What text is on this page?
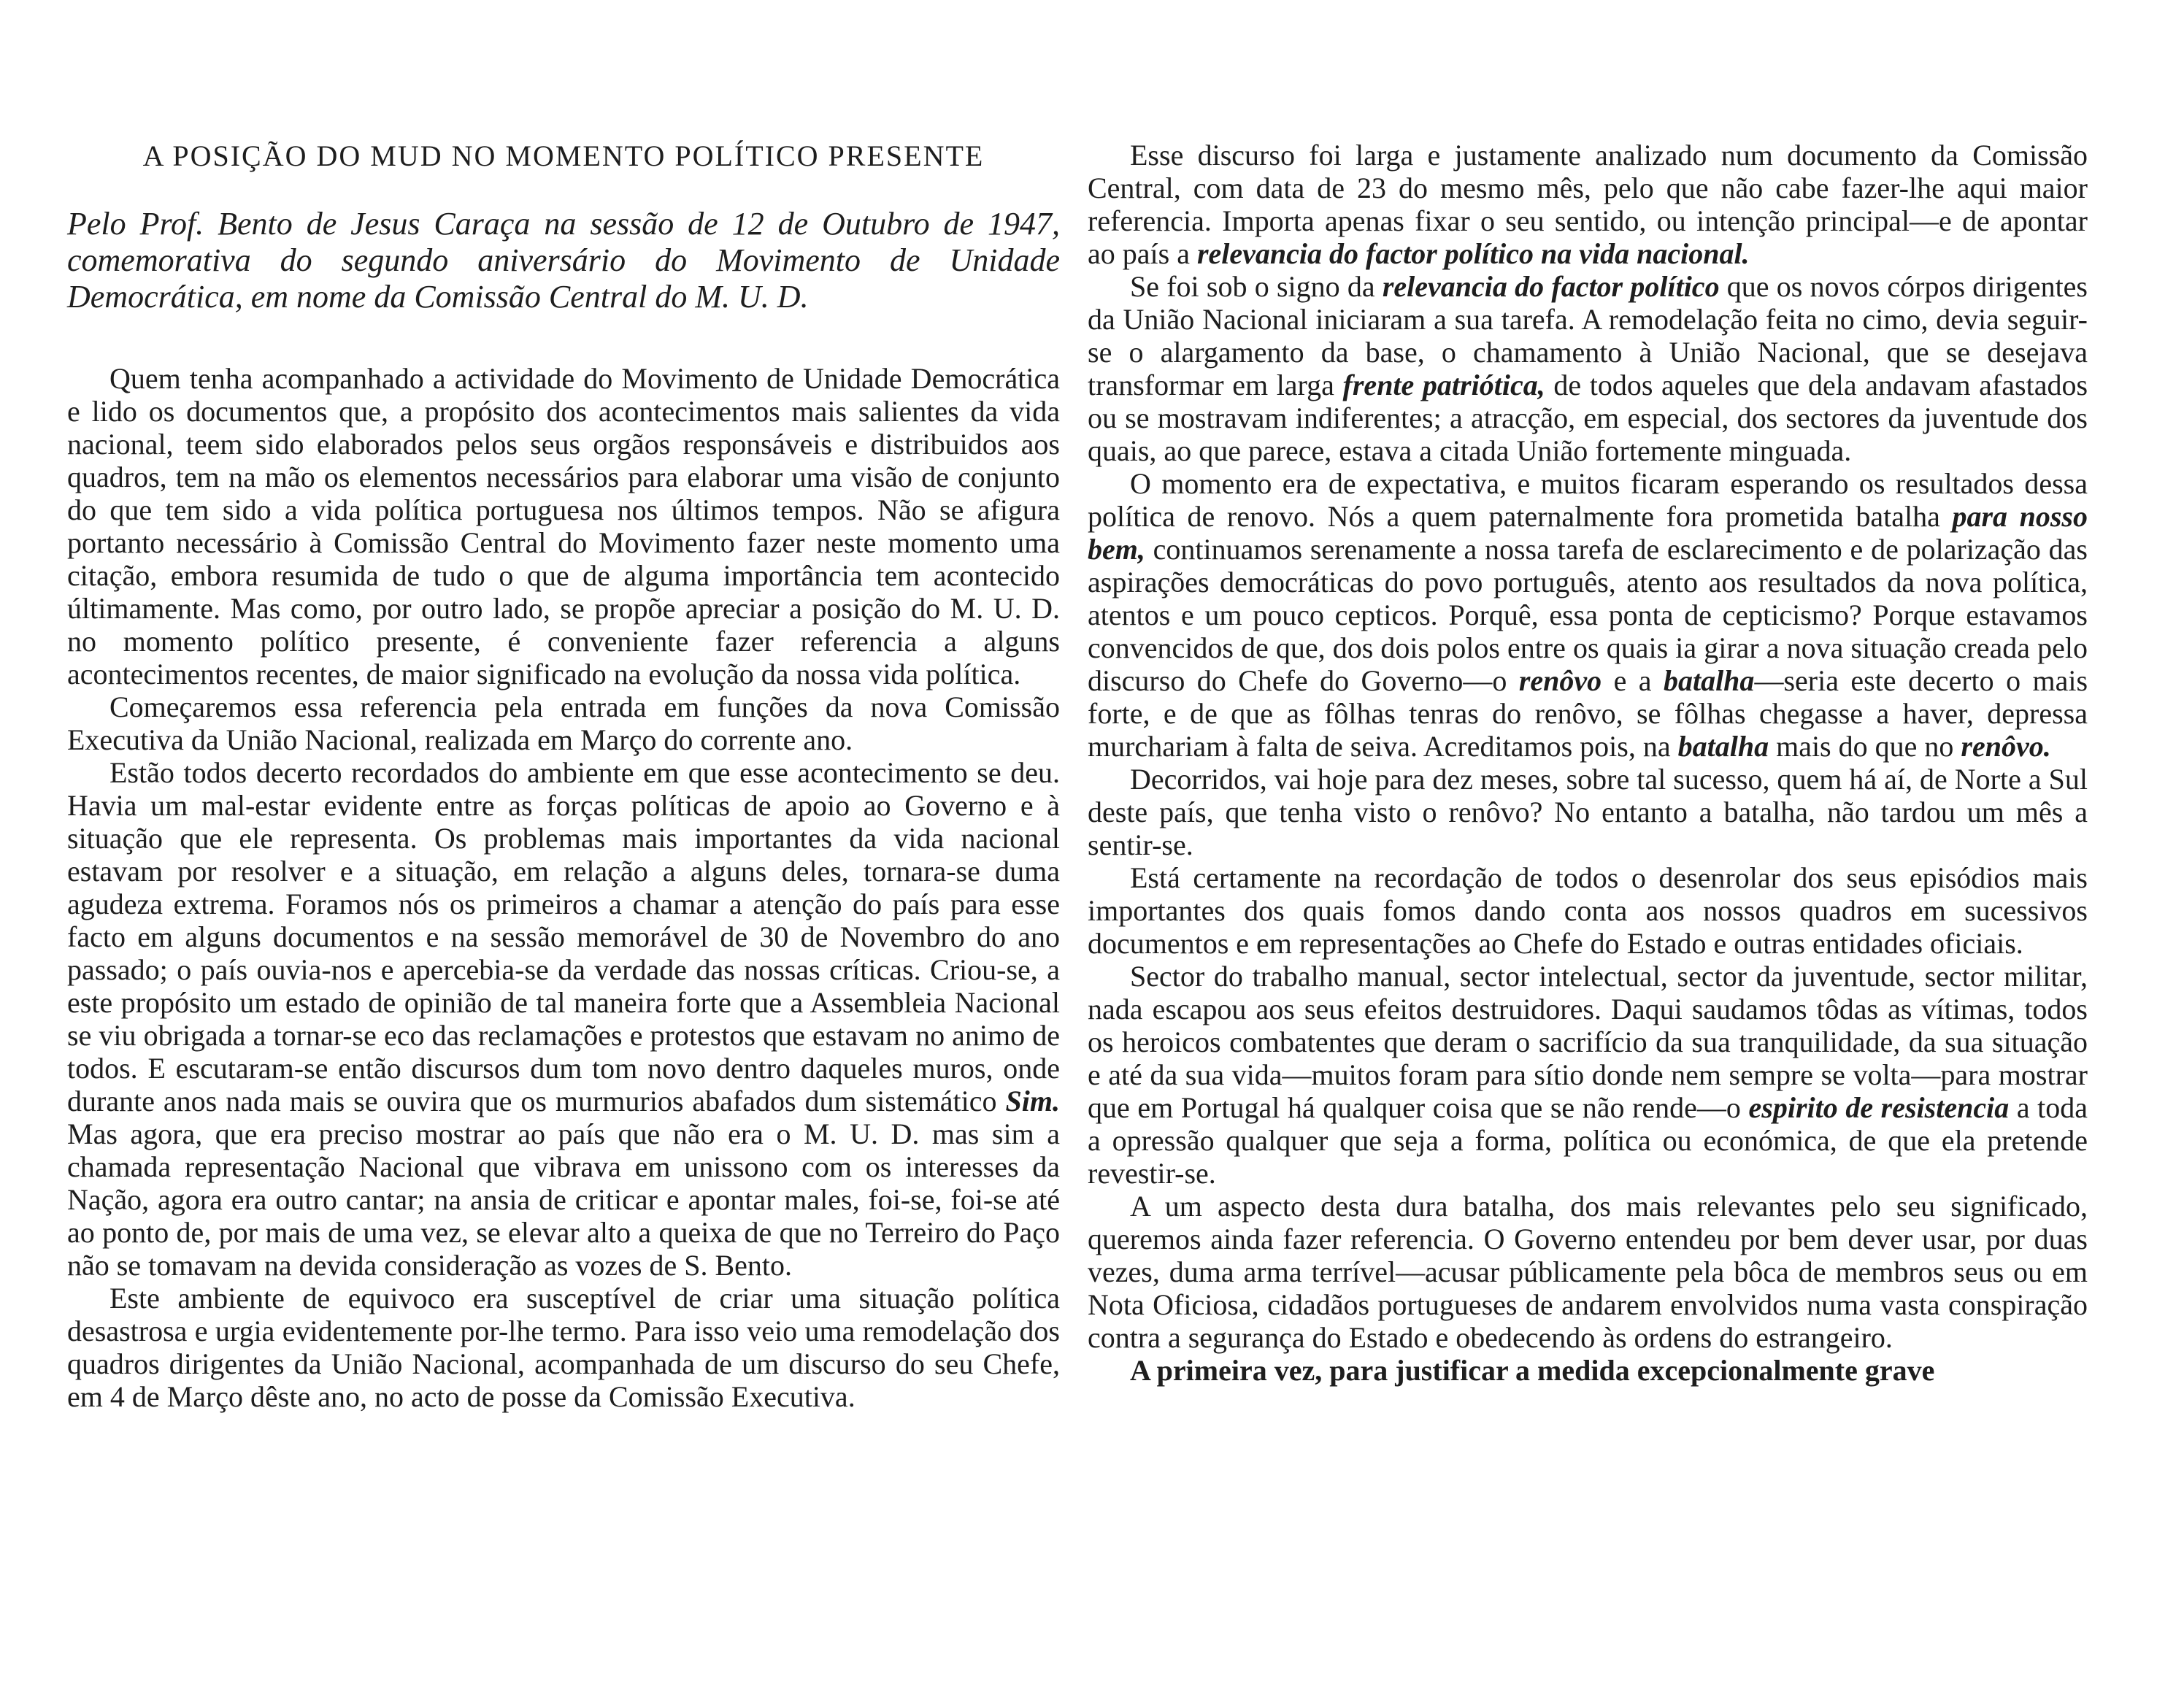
A POSIÇÃO DO MUD NO MOMENTO POLÍTICO PRESENTE
Pelo Prof. Bento de Jesus Caraça na sessão de 12 de Outubro de 1947, comemorativa do segundo aniversário do Movimento de Unidade Democrática, em nome da Comissão Central do M. U. D.

Quem tenha acompanhado a actividade do Movimento de Unidade Democrática e lido os documentos que, a propósito dos acontecimentos mais salientes da vida nacional, teem sido elaborados pelos seus orgãos responsáveis e distribuidos aos quadros, tem na mão os elementos necessários para elaborar uma visão de conjunto do que tem sido a vida política portuguesa nos últimos tempos. Não se afigura portanto necessário à Comissão Central do Movimento fazer neste momento uma citação, embora resumida de tudo o que de alguma importância tem acontecido últimamente. Mas como, por outro lado, se propõe apreciar a posição do M. U. D. no momento político presente, é conveniente fazer referencia a alguns acontecimentos recentes, de maior significado na evolução da nossa vida política.

Começaremos essa referencia pela entrada em funções da nova Comissão Executiva da União Nacional, realizada em Março do corrente ano.

Estão todos decerto recordados do ambiente em que esse acontecimento se deu. Havia um mal-estar evidente entre as forças políticas de apoio ao Governo e à situação que ele representa. Os problemas mais importantes da vida nacional estavam por resolver e a situação, em relação a alguns deles, tornara-se duma agudeza extrema. Foramos nós os primeiros a chamar a atenção do país para esse facto em alguns documentos e na sessão memorável de 30 de Novembro do ano passado; o país ouvia-nos e apercebia-se da verdade das nossas críticas. Criou-se, a este propósito um estado de opinião de tal maneira forte que a Assembleia Nacional se viu obrigada a tornar-se eco das reclamações e protestos que estavam no animo de todos. E escutaram-se então discursos dum tom novo dentro daqueles muros, onde durante anos nada mais se ouvira que os murmurios abafados dum sistemático Sim. Mas agora, que era preciso mostrar ao país que não era o M. U. D. mas sim a chamada representação Nacional que vibrava em unissono com os interesses da Nação, agora era outro cantar; na ansia de criticar e apontar males, foi-se, foi-se até ao ponto de, por mais de uma vez, se elevar alto a queixa de que no Terreiro do Paço não se tomavam na devida consideração as vozes de S. Bento.

Este ambiente de equivoco era susceptível de criar uma situação política desastrosa e urgia evidentemente por-lhe termo. Para isso veio uma remodelação dos quadros dirigentes da União Nacional, acompanhada de um discurso do seu Chefe, em 4 de Março dêste ano, no acto de posse da Comissão Executiva.

Esse discurso foi larga e justamente analizado num documento da Comissão Central, com data de 23 do mesmo mês, pelo que não cabe fazer-lhe aqui maior referencia. Importa apenas fixar o seu sentido, ou intenção principal—e de apontar ao país a relevancia do factor político na vida nacional.

Se foi sob o signo da relevancia do factor político que os novos córpos dirigentes da União Nacional iniciaram a sua tarefa. A remodelação feita no cimo, devia seguir-se o alargamento da base, o chamamento à União Nacional, que se desejava transformar em larga frente patriótica, de todos aqueles que dela andavam afastados ou se mostravam indiferentes; a atracção, em especial, dos sectores da juventude dos quais, ao que parece, estava a citada União fortemente minguada.

O momento era de expectativa, e muitos ficaram esperando os resultados dessa política de renovo. Nós a quem paternalmente fora prometida batalha para nosso bem, continuamos serenamente a nossa tarefa de esclarecimento e de polarização das aspirações democráticas do povo português, atento aos resultados da nova política, atentos e um pouco cepticos. Porquê, essa ponta de cepticismo? Porque estavamos convencidos de que, dos dois polos entre os quais ia girar a nova situação creada pelo discurso do Chefe do Governo—o renôvo e a batalha—seria este decerto o mais forte, e de que as fôlhas tenras do renôvo, se fôlhas chegasse a haver, depressa murchariam à falta de seiva. Acreditamos pois, na batalha mais do que no renôvo.

Decorridos, vai hoje para dez meses, sobre tal sucesso, quem há aí, de Norte a Sul deste país, que tenha visto o renôvo? No entanto a batalha, não tardou um mês a sentir-se.

Está certamente na recordação de todos o desenrolar dos seus episódios mais importantes dos quais fomos dando conta aos nossos quadros em sucessivos documentos e em representações ao Chefe do Estado e outras entidades oficiais.

Sector do trabalho manual, sector intelectual, sector da juventude, sector militar, nada escapou aos seus efeitos destruidores. Daqui saudamos tôdas as vítimas, todos os heroicos combatentes que deram o sacrifício da sua tranquilidade, da sua situação e até da sua vida—muitos foram para sítio donde nem sempre se volta—para mostrar que em Portugal há qualquer coisa que se não rende—o espirito de resistencia a toda a opressão qualquer que seja a forma, política ou económica, de que ela pretende revestir-se.

A um aspecto desta dura batalha, dos mais relevantes pelo seu significado, queremos ainda fazer referencia. O Governo entendeu por bem dever usar, por duas vezes, duma arma terrível—acusar públicamente pela bôca de membros seus ou em Nota Oficiosa, cidadãos portugueses de andarem envolvidos numa vasta conspiração contra a segurança do Estado e obedecendo às ordens do estrangeiro.

A primeira vez, para justificar a medida excepcionalmente grave
